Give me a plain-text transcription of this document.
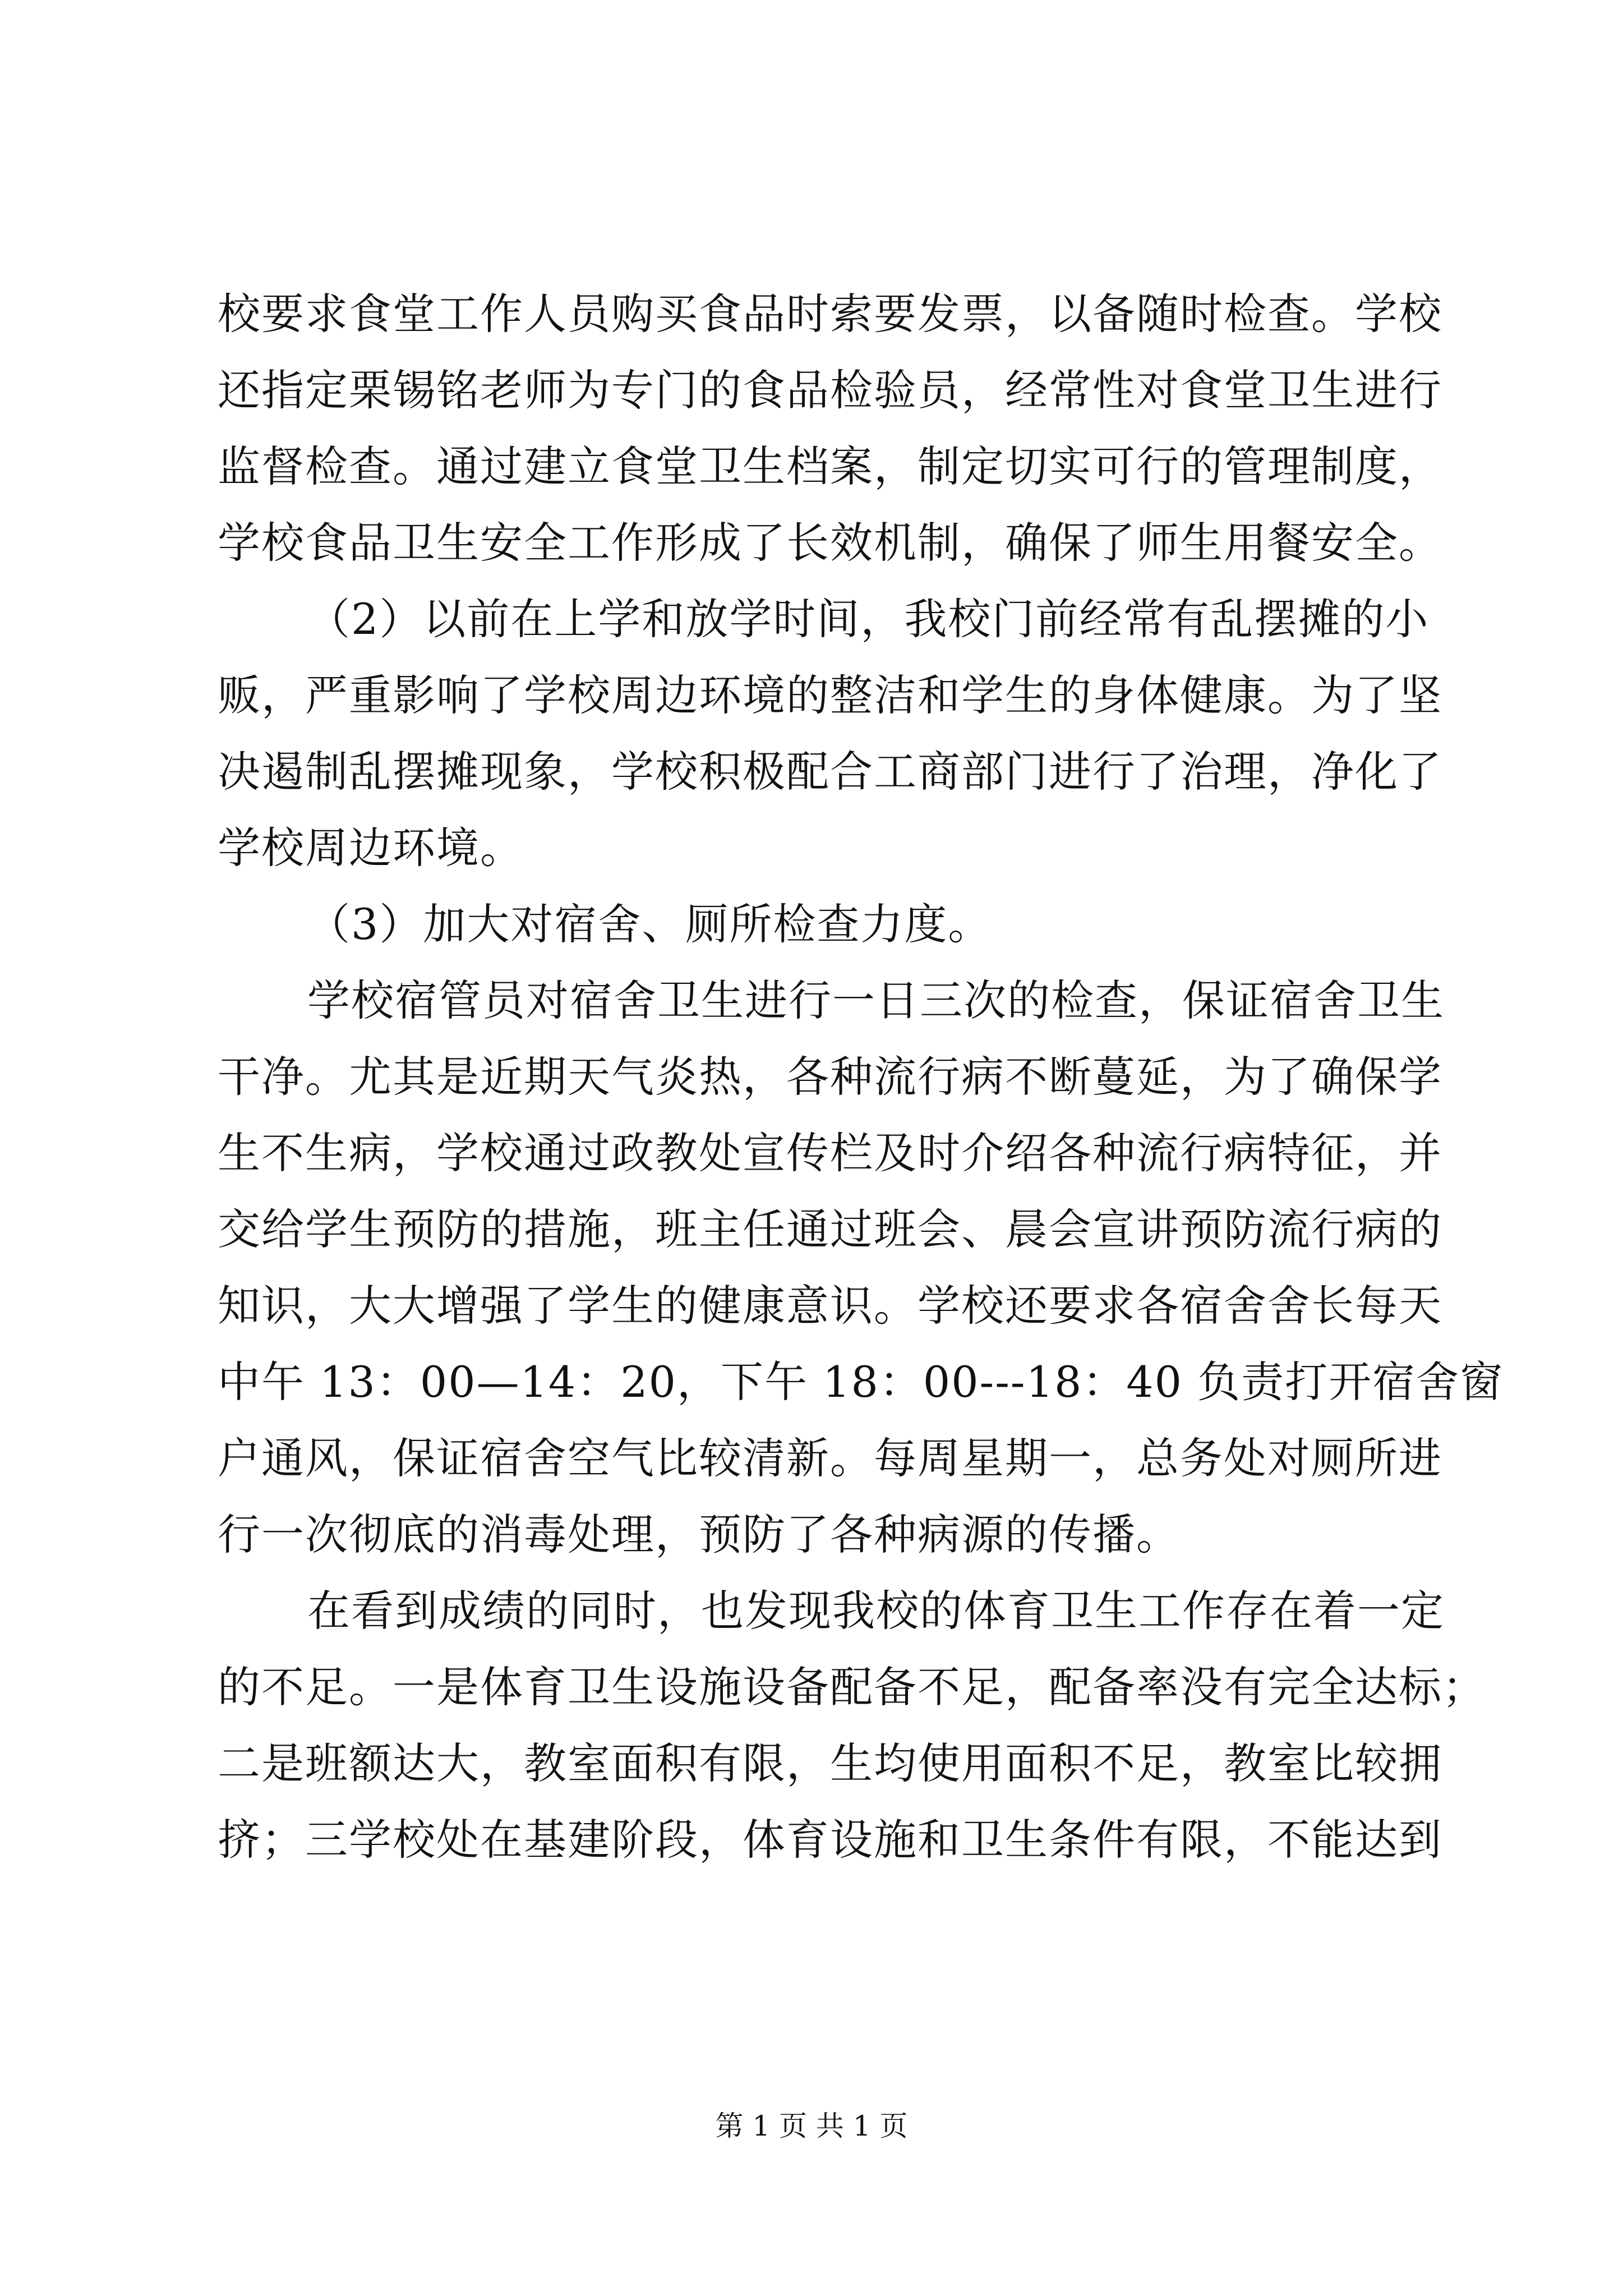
校要求食堂工作人员购买食品时索要发票，以备随时检查。学校
还指定栗锡铭老师为专门的食品检验员，经常性对食堂卫生进行
监督检查。通过建立食堂卫生档案，制定切实可行的管理制度，
学校食品卫生安全工作形成了长效机制，确保了师生用餐安全。
（2）以前在上学和放学时间，我校门前经常有乱摆摊的小
贩，严重影响了学校周边环境的整洁和学生的身体健康。为了坚
决遏制乱摆摊现象，学校积极配合工商部门进行了治理，净化了
学校周边环境。
（3）加大对宿舍、厕所检查力度。
学校宿管员对宿舍卫生进行一日三次的检查，保证宿舍卫生
干净。尤其是近期天气炎热，各种流行病不断蔓延，为了确保学
生不生病，学校通过政教处宣传栏及时介绍各种流行病特征，并
交给学生预防的措施，班主任通过班会、晨会宣讲预防流行病的
知识，大大增强了学生的健康意识。学校还要求各宿舍舍长每天
中午 13：00—14：20，下午 18：00---18：40 负责打开宿舍窗
户通风，保证宿舍空气比较清新。每周星期一，总务处对厕所进
行一次彻底的消毒处理，预防了各种病源的传播。
在看到成绩的同时，也发现我校的体育卫生工作存在着一定
的不足。一是体育卫生设施设备配备不足，配备率没有完全达标；
二是班额达大，教室面积有限，生均使用面积不足，教室比较拥
挤；三学校处在基建阶段，体育设施和卫生条件有限，不能达到
第 1 页 共 1 页
